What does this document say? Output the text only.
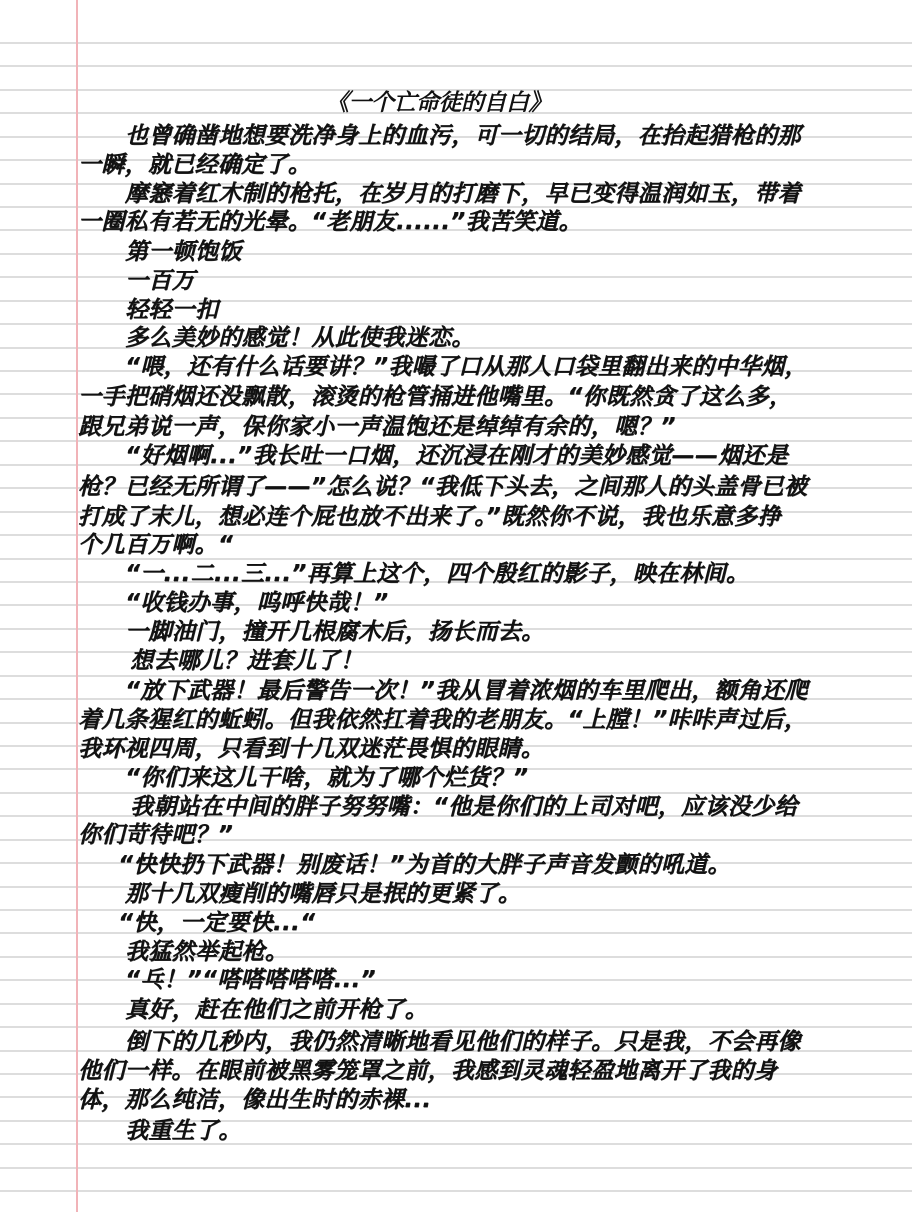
《一个亡命徒的自白》
也曾确凿地想要洗净身上的血污，可一切的结局，在抬起猎枪的那
一瞬，就已经确定了。
摩窸着红木制的枪托，在岁月的打磨下，早已变得温润如玉，带着
一圈私有若无的光晕。“老朋友......”我苦笑道。
第一顿饱饭
一百万
轻轻一扣
多么美妙的感觉！从此使我迷恋。
“喂，还有什么话要讲？”我嘬了口从那人口袋里翻出来的中华烟，
一手把硝烟还没飘散，滚烫的枪管捅进他嘴里。“你既然贪了这么多，
跟兄弟说一声，保你家小一声温饱还是绰绰有余的，嗯？”
“好烟啊...”我长吐一口烟，还沉浸在刚才的美妙感觉——烟还是
枪？已经无所谓了——”怎么说？“我低下头去，之间那人的头盖骨已被
打成了末儿，想必连个屁也放不出来了。”既然你不说，我也乐意多挣
个几百万啊。“
“一...二...三...”再算上这个，四个殷红的影子，映在林间。
“收钱办事，呜呼快哉！”
一脚油门，撞开几根腐木后，扬长而去。
想去哪儿？进套儿了！
“放下武器！最后警告一次！”我从冒着浓烟的车里爬出，额角还爬
着几条猩红的蚯蚓。但我依然扛着我的老朋友。“上膛！”咔咔声过后，
我环视四周，只看到十几双迷茫畏惧的眼睛。
“你们来这儿干啥，就为了哪个烂货？”
我朝站在中间的胖子努努嘴：“他是你们的上司对吧，应该没少给
你们苛待吧？”
“快快扔下武器！别废话！”为首的大胖子声音发颤的吼道。
那十几双瘦削的嘴唇只是抿的更紧了。
“快，一定要快...“
我猛然举起枪。
“乓！”“嗒嗒嗒嗒嗒...”
真好，赶在他们之前开枪了。
倒下的几秒内，我仍然清晰地看见他们的样子。只是我，不会再像
他们一样。在眼前被黑雾笼罩之前，我感到灵魂轻盈地离开了我的身
体，那么纯洁，像出生时的赤裸...
我重生了。
